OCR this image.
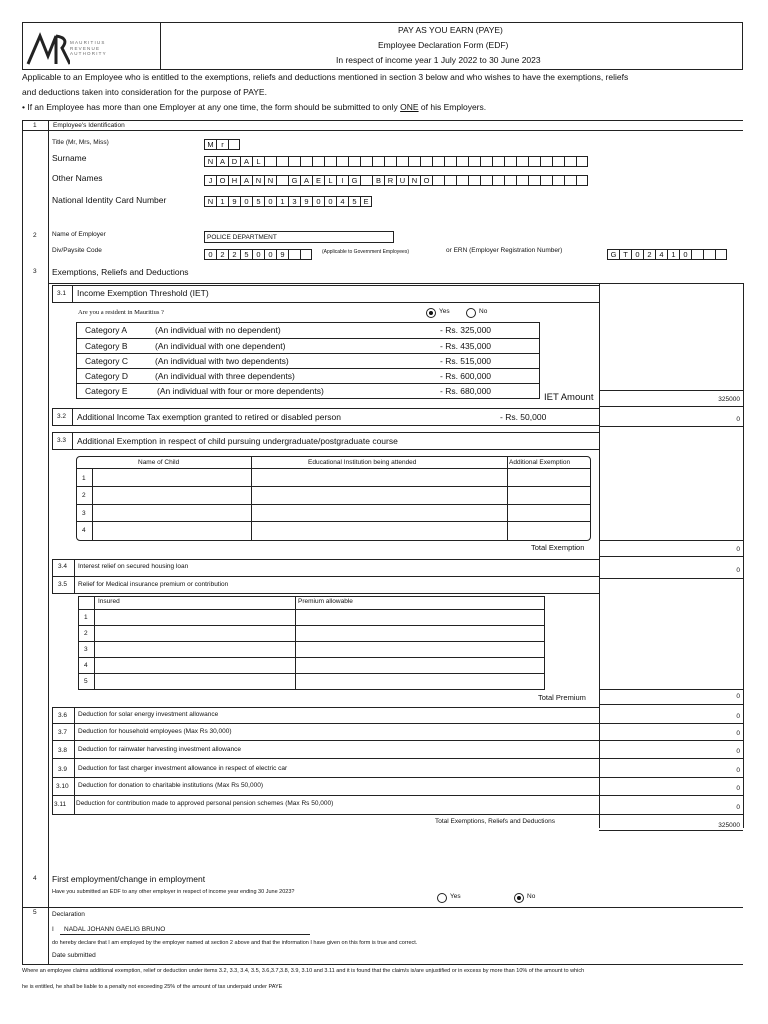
MAURITIUS
REVENUE
AUTHORITY
PAY AS YOU EARN (PAYE)
Employee Declaration Form (EDF)
In respect of income year 1 July 2022 to 30 June 2023
Applicable to an Employee who is entitled to the exemptions, reliefs and deductions mentioned in section 3 below and who wishes to have the exemptions, reliefs
and deductions taken into consideration for the purpose of PAYE.
• If an Employee has more than one Employer at any one time, the form should be submitted to only ONE of his Employers.
1	Employee's Identification
Title (Mr, Mrs, Miss)	M	r
Surname	N A D A L
Other Names	J O H A N N	G A E L	I	G	B R U N O
National Identity Card Number	N 1	9	0	5	0	1	3	9	0	0	4	5 E
2 Name of Employer	POLICE DEPARTMENT
Div/Paysite Code	0	2	2	5	0	0	9	(Applicable to Government Employees)	or ERN (Employer Registration Number)	G T	0	2	4	1	0
3 Exemptions, Reliefs and Deductions
3.1 Income Exemption Threshold (IET)
Are you a resident in Mauritius ?	Yes	No
Category A	(An individual with no dependent)	- Rs. 325,000
Category B	(An individual with one dependent)	- Rs. 435,000
Category C	(An individual with two dependents)	- Rs. 515,000
Category D	(An individual with three dependents)	- Rs. 600,000
Category E	(An individual with four or more dependents)	- Rs. 680,000
IET Amount	325000
3.2 Additional Income Tax exemption granted to retired or disabled person	- Rs. 50,000	0
3.3 Additional Exemption in respect of child pursuing undergraduate/postgraduate course
Name of Child	Educational Institution being attended	Additional Exemption
1
2
3
4
Total Exemption	0
3.4 Interest relief on secured housing loan
0
3.5 Relief for Medical insurance premium or contribution
Insured	Premium allowable
1
2
3
4
5
Total Premium	0
3.6 Deduction for solar energy investment allowance	0
3.7 Deduction for household employees (Max Rs 30,000)	0
3.8 Deduction for rainwater harvesting investment allowance	0
3.9 Deduction for fast charger investment allowance in respect of electric car	0
3.10 Deduction for donation to charitable institutions (Max Rs 50,000)	0
3.11 Deduction for contribution made to approved personal pension schemes (Max Rs 50,000)
0
Total Exemptions, Reliefs and Deductions
325000
4 First employment/change in employment
Have you submitted an EDF to any other employer in respect of income year ending 30 June 2023?
Yes	No
5 Declaration
I NADAL JOHANN GAELIG BRUNO
do hereby declare that I am employed by the employer named at section 2 above and that the information I have given on this form is true and correct.
Date submitted
Where an employee claims additional exemption, relief or deduction under items 3.2, 3.3, 3.4, 3.5, 3.6,3.7,3.8, 3.9, 3.10 and 3.11 and it is found that the claim/s is/are unjustified or in excess by more than 10% of the amount to which
he is entitled, he shall be liable to a penalty not exceeding 25% of the amount of tax underpaid under PAYE
